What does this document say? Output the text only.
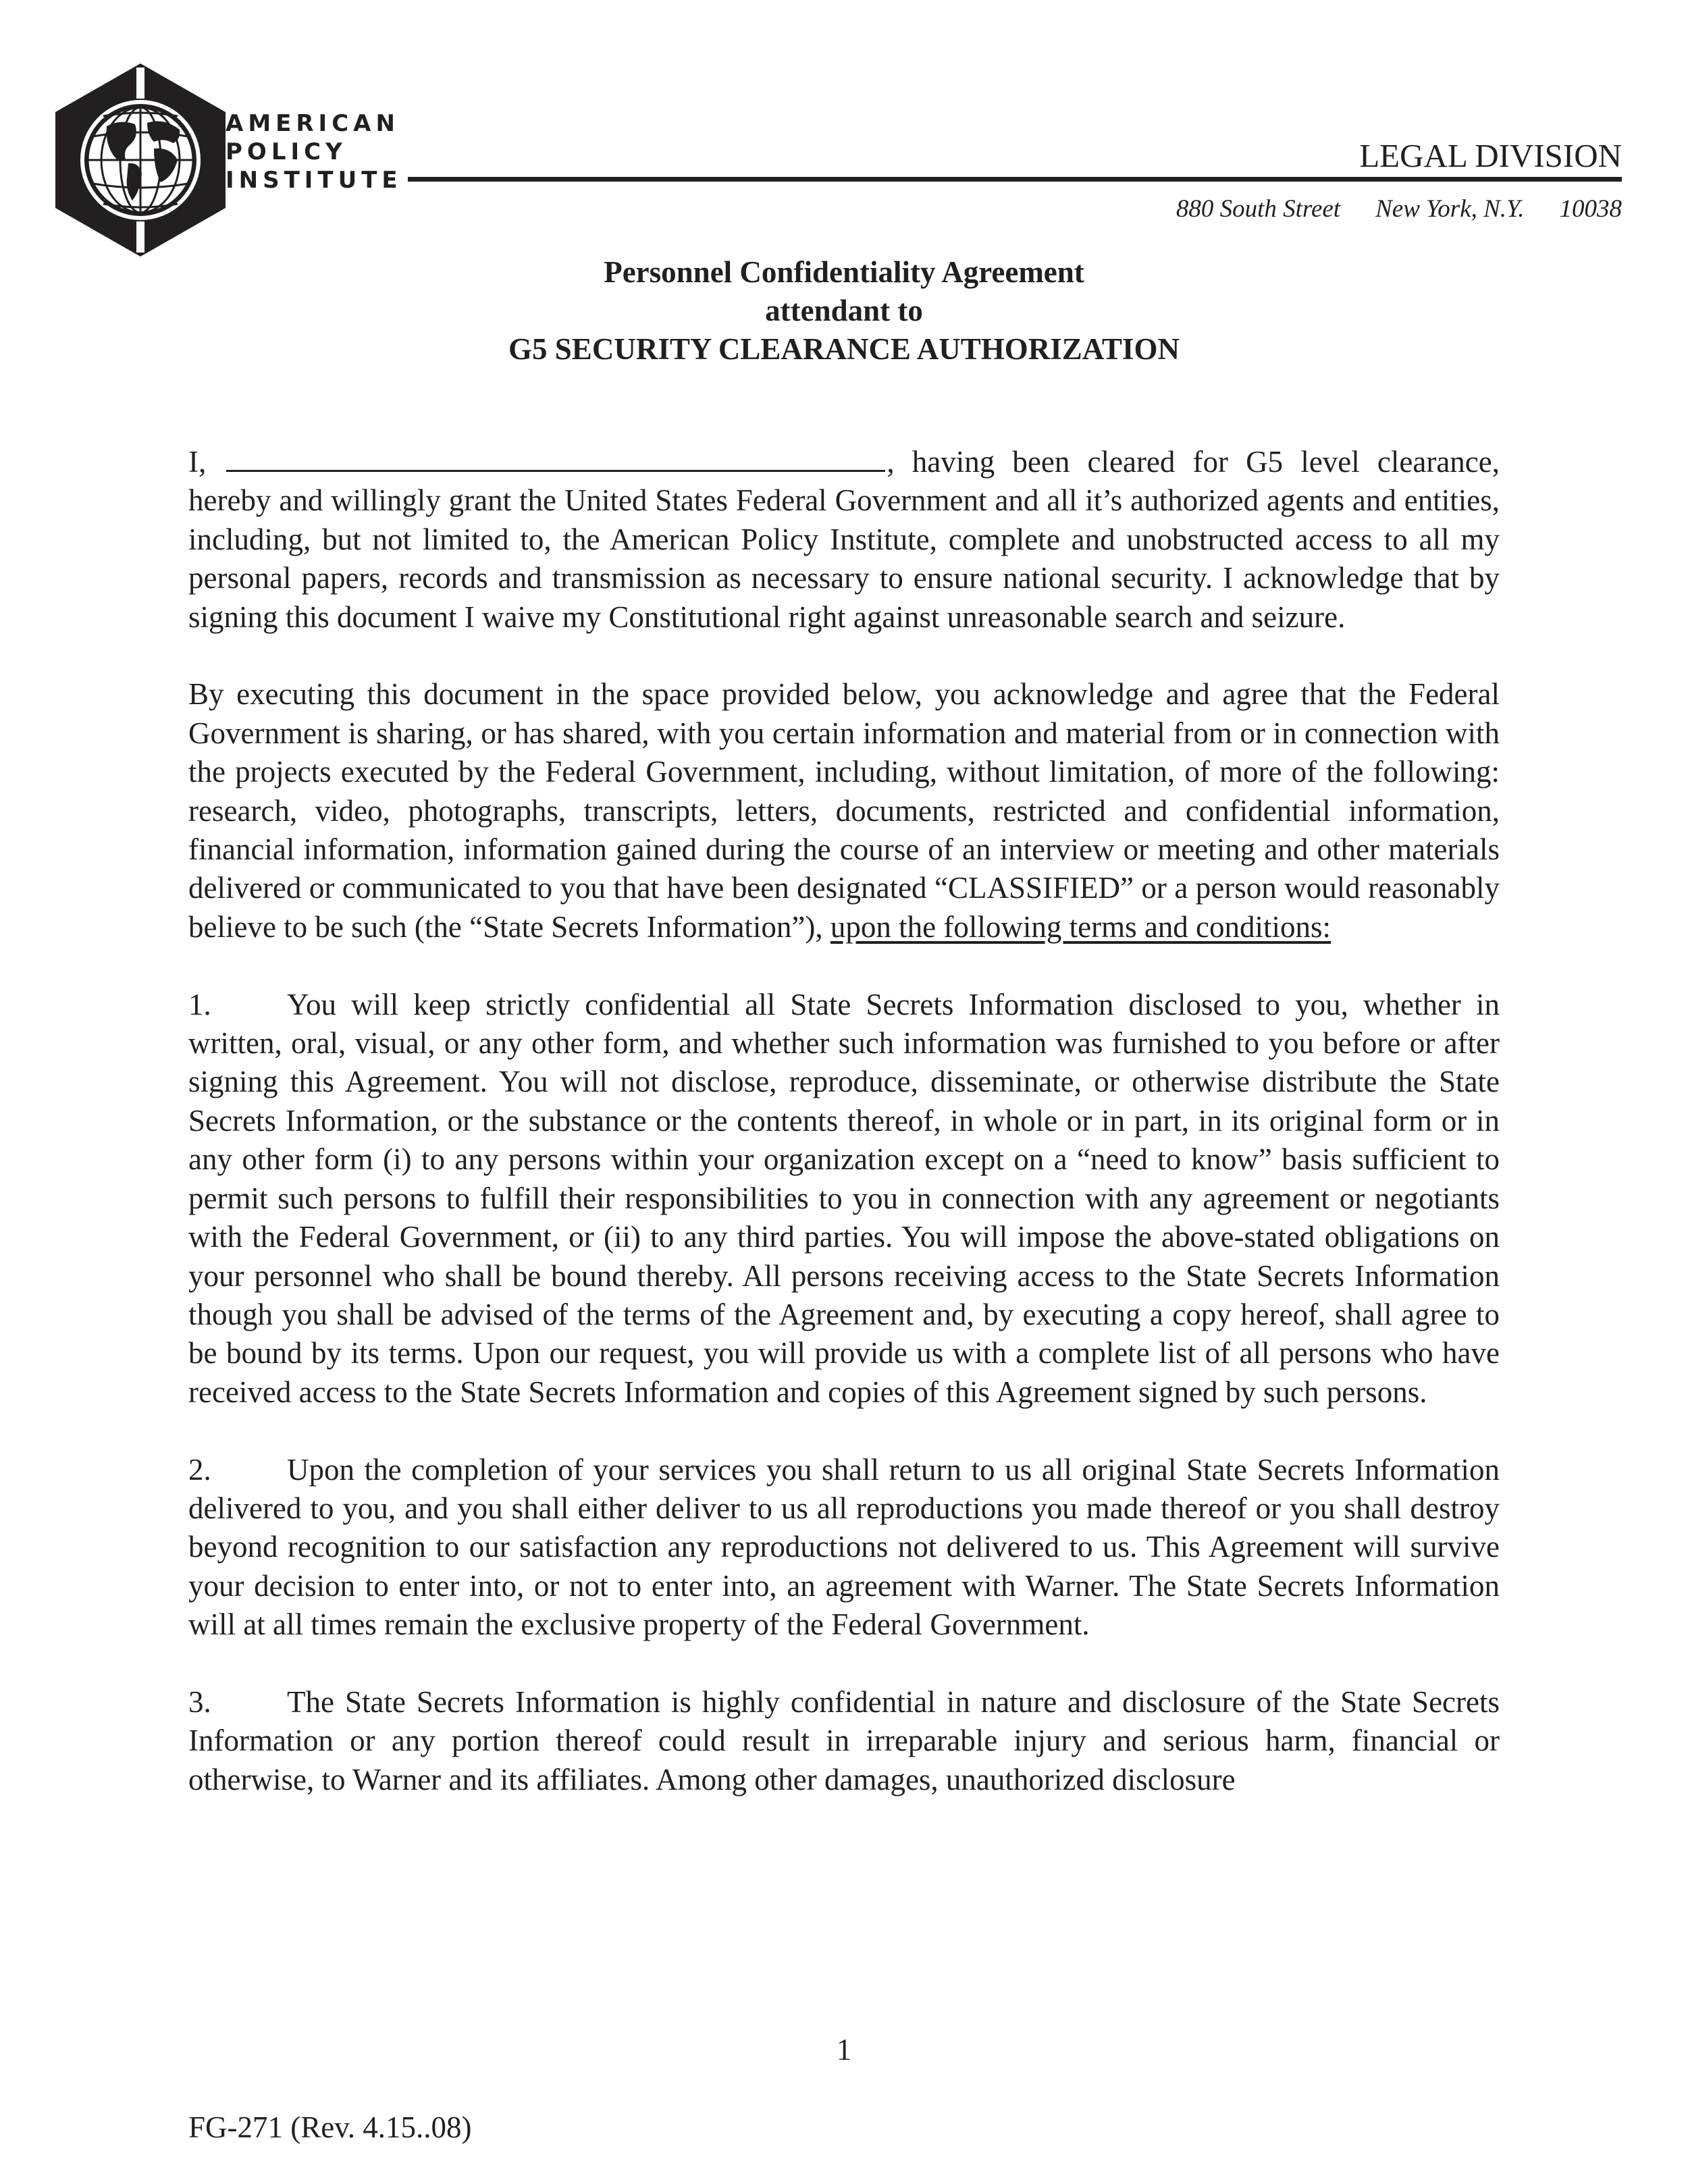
AMERICAN
POLICY
INSTITUTE
LEGAL DIVISION
880 South Street New York, N.Y. 10038
Personnel Confidentiality Agreement
attendant to
G5 SECURITY CLEARANCE AUTHORIZATION

I,	, having been cleared for G5 level clearance, hereby and willingly grant the United States Federal Government and all it’s authorized agents and entities, including, but not limited to, the American Policy Institute, complete and unobstructed access to all my personal papers, records and transmission as necessary to ensure national security. I acknowledge that by signing this document I waive my Constitutional right against unreasonable search and seizure.

By executing this document in the space provided below, you acknowledge and agree that the Federal Government is sharing, or has shared, with you certain information and material from or in connection with the projects executed by the Federal Government, including, without limitation, of more of the following: research, video, photographs, transcripts, letters, documents, restricted and confidential information, financial information, information gained during the course of an interview or meeting and other materials delivered or communicated to you that have been designated “CLASSIFIED” or a person would reasonably believe to be such (the “State Secrets Information”), upon the following terms and conditions:

1. You will keep strictly confidential all State Secrets Information disclosed to you, whether in written, oral, visual, or any other form, and whether such information was furnished to you before or after signing this Agreement. You will not disclose, reproduce, disseminate, or otherwise distribute the State Secrets Information, or the substance or the contents thereof, in whole or in part, in its original form or in any other form (i) to any persons within your organization except on a “need to know” basis sufficient to permit such persons to fulfill their responsibilities to you in connection with any agreement or negotiants with the Federal Government, or (ii) to any third parties. You will impose the above-stated obligations on your personnel who shall be bound thereby. All persons receiving access to the State Secrets Information though you shall be advised of the terms of the Agreement and, by executing a copy hereof, shall agree to be bound by its terms. Upon our request, you will provide us with a complete list of all persons who have received access to the State Secrets Information and copies of this Agreement signed by such persons.

2. Upon the completion of your services you shall return to us all original State Secrets Information delivered to you, and you shall either deliver to us all reproductions you made thereof or you shall destroy beyond recognition to our satisfaction any reproductions not delivered to us. This Agreement will survive your decision to enter into, or not to enter into, an agreement with Warner. The State Secrets Information will at all times remain the exclusive property of the Federal Government.

3. The State Secrets Information is highly confidential in nature and disclosure of the State Secrets Information or any portion thereof could result in irreparable injury and serious harm, financial or otherwise, to Warner and its affiliates. Among other damages, unauthorized disclosure

1
FG-271 (Rev. 4.15..08)
